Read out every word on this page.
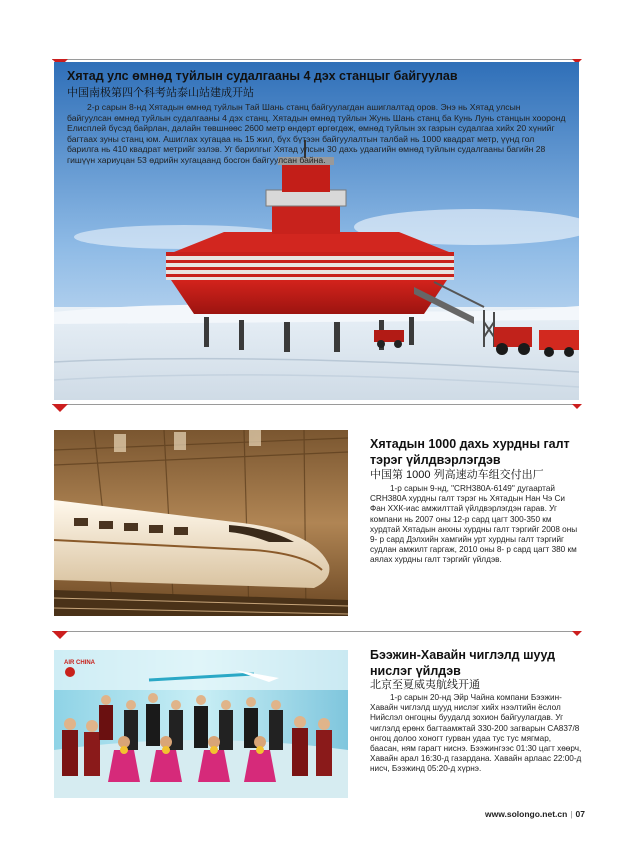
Хятад улс өмнөд туйлын судалгааны 4 дэх станцыг байгуулав
中国南极第四个科考站泰山站建成开站
2-р сарын 8-нд Хятадын өмнөд туйлын Тай Шань станц байгуулагдан ашиглалтад оров. Энэ нь Хятад улсын байгуулсан өмнөд туйлын судалгааны 4 дэх станц. Хятадын өмнөд туйлын Жунь Шань станц ба Кунь Лунь станцын хооронд Елисплей бүсэд байрлан, далайн төвшнөөс 2600 метр өндөрт өргөгдөж, өмнөд туйлын эх газрын судалгаа хийх 20 хүнийг багтаах зуны станц юм. Ашиглах хугацаа нь 15 жил, бүх бүтээн байгуулалтын талбай нь 1000 квадрат метр, үүнд гол барилга нь 410 квадрат метрийг эзлэв. Уг барилгыг Хятад улсын 30 дахь удаагийн өмнөд туйлын судалгааны багийн 28 гишүүн хариуцан 53 өдрийн хугацаанд босгон байгуулсан байна.
Хятадын 1000 дахь хурдны галт тэрэг үйлдвэрлэгдэв
中国第 1000 列高速动车组交付出厂
1-р сарын 9-нд, "CRH380A-6149" дугаартай CRH380A хурдны галт тэрэг нь Хятадын Нан Чэ Си Фан ХХК-иас амжилттай үйлдвэрлэгдэн гарав. Уг компани нь 2007 оны 12-р сард цагт 300-350 км хурдтай Хятадын анхны хурдны галт тэргийг 2008 оны 9- р сард Дэлхийн хамгийн урт хурдны галт тэргийг судлан амжилт гаргаж, 2010 оны 8- р сард цагт 380 км аялах хурдны галт тэргийг үйлдэв.
AIR CHINA
Бээжин-Хавайн чиглэлд шууд нислэг үйлдэв
北京至夏威夷航线开通
1-р сарын 20-нд Эйр Чайна компани Бээжин-Хавайн чиглэлд шууд нислэг хийх нээлтийн ёслол Нийслэл онгоцны буудалд зохион байгуулагдав. Уг чиглэлд ерөнх багтаамжтай 330-200 загварын CA837/8 онгоц долоо хоногт гурван удаа тус тус мягмар, баасан, ням гарагт ниснэ. Бээжингээс 01:30 цагт хөөрч, Хавайн арал 16:30-д газардана. Хавайн арлаас 22:00-д нисч, Бээжинд 05:20-д хүрнэ.
www.solongo.net.cn | 07
